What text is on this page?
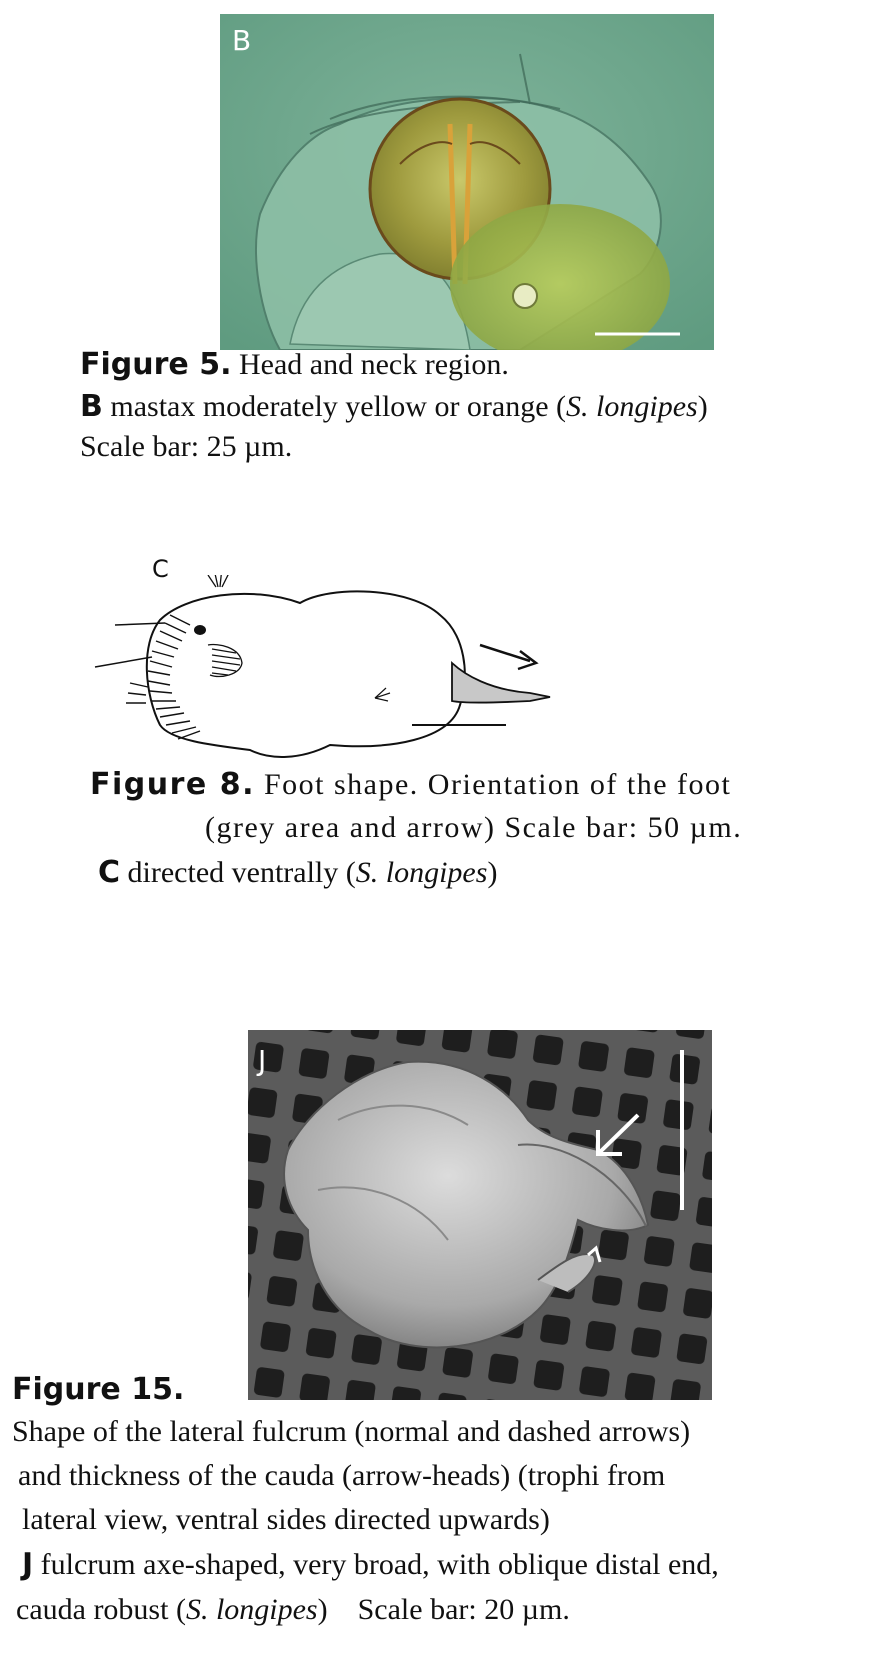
B
Figure 5. Head and neck region.
B mastax moderately yellow or orange (S. longipes)
Scale bar: 25 µm.
C
Figure 8. Foot shape. Orientation of the foot
(grey area and arrow) Scale bar: 50 µm.
C directed ventrally (S. longipes)
J
Figure 15.
Shape of the lateral fulcrum (normal and dashed arrows)
and thickness of the cauda (arrow-heads) (trophi from
lateral view, ventral sides directed upwards)
J fulcrum axe-shaped, very broad, with oblique distal end,
cauda robust (S. longipes)    Scale bar: 20 µm.
